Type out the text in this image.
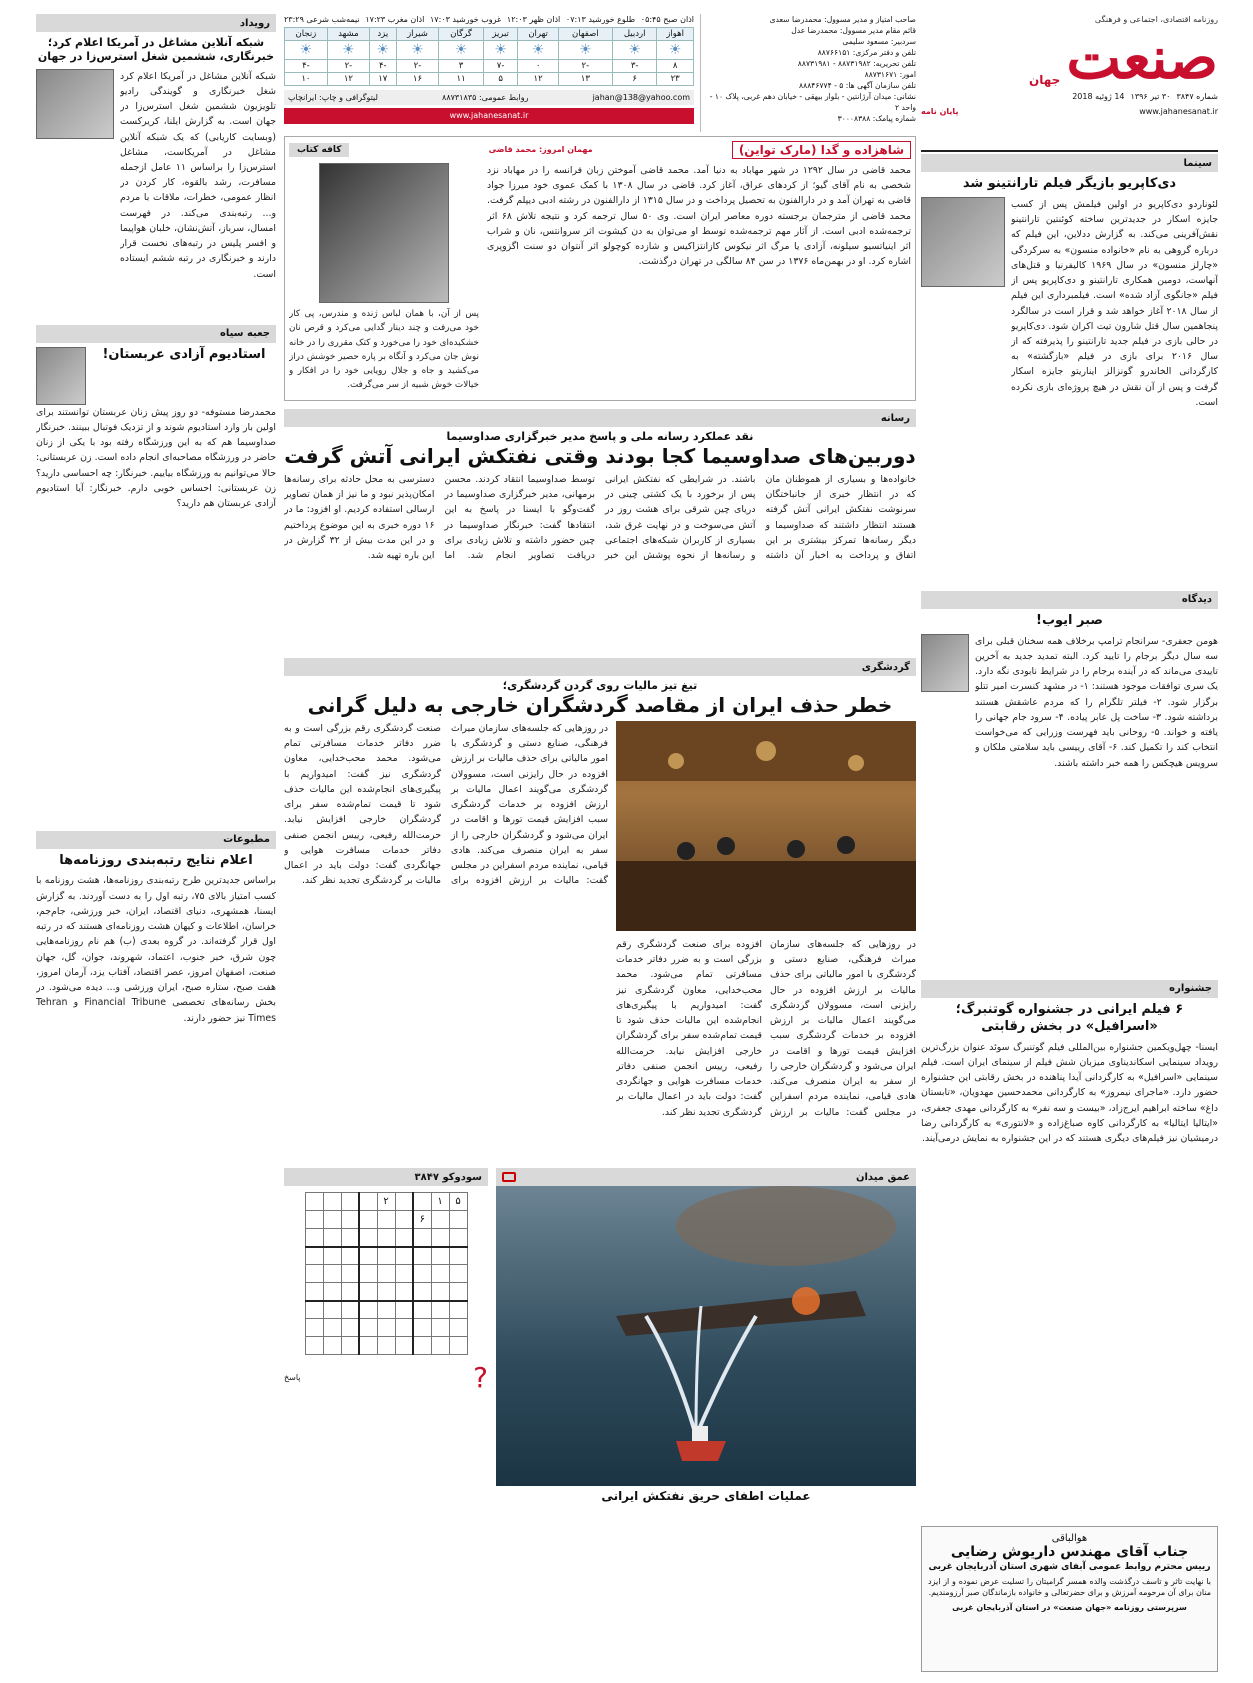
روزنامه اقتصادی، اجتماعی و فرهنگی
صنعت
جهان
شماره ۳۸۴۷
۳۰ تیر ۱۳۹۶
14 ژوئیه 2018
www.jahanesanat.ir
پایان نامه
سینما
دی‌کاپریو بازیگر فیلم تارانتینو شد
لئوناردو دی‌کاپریو در اولین فیلمش پس از کسب جایزه اسکار در جدیدترین ساخته کوئنتین تارانتینو نقش‌آفرینی می‌کند. به گزارش ددلاین، این فیلم که درباره گروهی به نام «خانواده منسون» به سرکردگی «چارلز منسون» در سال ۱۹۶۹ کالیفرنیا و قتل‌های آنهاست، دومین همکاری تارانتینو و دی‌کاپریو پس از فیلم «جانگوی آزاد شده» است. فیلمبرداری این فیلم از سال ۲۰۱۸ آغاز خواهد شد و قرار است در سالگرد پنجاهمین سال قتل شارون تیت اکران شود. دی‌کاپریو در حالی بازی در فیلم جدید تارانتینو را پذیرفته که از سال ۲۰۱۶ برای بازی در فیلم «بازگشته» به کارگردانی الخاندرو گونزالز ایناریتو جایزه اسکار گرفت و پس از آن نقش در هیچ پروژه‌ای بازی نکرده است.
دیدگاه
صبر ایوب!
هومن جعفری- سرانجام ترامپ برخلاف همه سخنان قبلی برای سه سال دیگر برجام را تایید کرد. البته تمدید جدید به آخرین تاییدی می‌ماند که در آینده برجام را در شرایط نابودی نگه دارد. یک سری توافقات موجود هستند: ۱- در مشهد کنسرت امیر تتلو برگزار شود. ۲- فیلتر تلگرام را که مردم عاشقش هستند برداشته شود. ۳- ساخت پل عابر پیاده. ۴- سرود جام جهانی را یافته و خواند. ۵- روحانی باید فهرست وزرایی که می‌خواست انتخاب کند را تکمیل کند. ۶- آقای رییسی باید سلامتی ملکان و سرویس هیچکس را همه خبر داشته باشند.
جشنواره
۶ فیلم ایرانی در جشنواره گوتنبرگ؛ «اسرافیل» در بخش رقابتی
ایسنا- چهل‌ویکمین جشنواره بین‌المللی فیلم گوتنبرگ سوئد عنوان بزرگ‌ترین رویداد سینمایی اسکاندیناوی میزبان شش فیلم از سینمای ایران است. فیلم سینمایی «اسرافیل» به کارگردانی آیدا پناهنده در بخش رقابتی این جشنواره حضور دارد. «ماجرای نیمروز» به کارگردانی محمدحسین مهدویان، «تابستان داغ» ساخته ابراهیم ایرج‌زاد، «بیست و سه نفر» به کارگردانی مهدی جعفری، «ایتالیا ایتالیا» به کارگردانی کاوه صباغ‌زاده و «لانتوری» به کارگردانی رضا درمیشیان نیز فیلم‌های دیگری هستند که در این جشنواره به نمایش درمی‌آیند.
صاحب امتیاز و مدیر مسوول: محمدرضا سعدی
قائم مقام مدیر مسوول: محمدرضا عدل
سردبیر: مسعود سلیمی
تلفن و دفتر مرکزی: ۸۸۷۶۶۱۵۱
تلفن تحریریه: ۸۸۷۳۱۹۸۲ - ۸۸۷۳۱۹۸۱
امور: ۸۸۷۳۱۶۷۱
تلفن سازمان آگهی ها: ۵ - ۸۸۸۴۶۷۷۴
نشانی: میدان آرژانتین - بلوار بیهقی - خیابان دهم غربی، پلاک ۱۰ - واحد ۲
شماره پیامک: ۳۰۰۰۸۳۸۸
اذان صبح ۰۵:۴۵
طلوع خورشید ۰۷:۱۳
اذان ظهر ۱۲:۰۳
غروب خورشید ۱۷:۰۳
اذان مغرب ۱۷:۲۳
نیمه‌شب شرعی ۲۳:۲۹
اهواز	اردبیل	اصفهان	تهران	تبریز	گرگان	شیراز	یزد	مشهد	زنجان
☀	☀	☀	☀	☀	☀	☀	☀	☀	☀
۸	-۳	-۲	۰	-۷	۳	-۲	-۴	-۲	-۴
۲۳	۶	۱۳	۱۲	۵	۱۱	۱۶	۱۷	۱۲	۱۰
jahan@138@yahoo.com
روابط عمومی: ۸۸۷۳۱۸۳۵
لیتوگرافی و چاپ: ایرانچاپ
www.jahanesanat.ir
شاهزاده و گدا (مارک تواین)
مهمان امروز: محمد قاضی
کافه کتاب
محمد قاضی در سال ۱۲۹۲ در شهر مهاباد به دنیا آمد. محمد قاضی آموختن زبان فرانسه را در مهاباد نزد شخصی به نام آقای گیو؛ از کردهای عراق، آغاز کرد. قاضی در سال ۱۳۰۸ با کمک عموی خود میرزا جواد قاضی به تهران آمد و در دارالفنون به تحصیل پرداخت و در سال ۱۳۱۵ از دارالفنون در رشته ادبی دیپلم گرفت. محمد قاضی از مترجمان برجسته دوره معاصر ایران است. وی ۵۰ سال ترجمه کرد و نتیجه تلاش ۶۸ اثر ترجمه‌شده ادبی است. از آثار مهم ترجمه‌شده توسط او می‌توان به دن کیشوت اثر سروانتس، نان و شراب اثر اینیاتسیو سیلونه، آزادی یا مرگ اثر نیکوس کازانتزاکیس و شازده کوچولو اثر آنتوان دو سنت اگزوپری اشاره کرد. او در بهمن‌ماه ۱۳۷۶ در سن ۸۴ سالگی در تهران درگذشت.
پس از آن، با همان لباس ژنده و مندرس، پی کار خود می‌رفت و چند دینار گدایی می‌کرد و قرص نان خشکیده‌ای خود را می‌خورد و کتک مقرری را در خانه نوش جان می‌کرد و آنگاه بر پاره حصیر خوشش دراز می‌کشید و جاه و جلال رویایی خود را در افکار و خیالات خوش شبیه از سر می‌گرفت.
رسانه
نقد عملکرد رسانه ملی و پاسخ مدیر خبرگزاری صداوسیما
دوربین‌های صداوسیما کجا بودند وقتی نفتکش ایرانی آتش گرفت
خانواده‌ها و بسیاری از هموطنان مان که در انتظار خبری از جانباختگان سرنوشت نفتکش ایرانی آتش گرفته هستند انتظار داشتند که صداوسیما و دیگر رسانه‌ها تمرکز بیشتری بر این اتفاق و پرداخت به اخبار آن داشته باشند. در شرایطی که نفتکش ایرانی پس از برخورد با یک کشتی چینی در دریای چین شرقی برای هشت روز در آتش می‌سوخت و در نهایت غرق شد، بسیاری از کاربران شبکه‌های اجتماعی و رسانه‌ها از نحوه پوشش این خبر توسط صداوسیما انتقاد کردند. محسن برمهانی، مدیر خبرگزاری صداوسیما در گفت‌وگو با ایسنا در پاسخ به این انتقادها گفت: خبرنگار صداوسیما در چین حضور داشته و تلاش زیادی برای دریافت تصاویر انجام شد. اما دسترسی به محل حادثه برای رسانه‌ها امکان‌پذیر نبود و ما نیز از همان تصاویر ارسالی استفاده کردیم. او افزود: ما در ۱۶ دوره خبری به این موضوع پرداختیم و در این مدت بیش از ۳۲ گزارش در این باره تهیه شد.
گردشگری
تیغ تیز مالیات روی گردن گردشگری؛
خطر حذف ایران از مقاصد گردشگران خارجی به دلیل گرانی
در روزهایی که جلسه‌های سازمان میراث فرهنگی، صنایع دستی و گردشگری با امور مالیاتی برای حذف مالیات بر ارزش افزوده در حال رایزنی است، مسوولان گردشگری می‌گویند اعمال مالیات بر ارزش افزوده بر خدمات گردشگری سبب افزایش قیمت تورها و اقامت در ایران می‌شود و گردشگران خارجی را از سفر به ایران منصرف می‌کند. هادی قیامی، نماینده مردم اسفراین در مجلس گفت: مالیات بر ارزش افزوده برای صنعت گردشگری رقم بزرگی است و به ضرر دفاتر خدمات مسافرتی تمام می‌شود. محمد محب‌خدایی، معاون گردشگری نیز گفت: امیدواریم با پیگیری‌های انجام‌شده این مالیات حذف شود تا قیمت تمام‌شده سفر برای گردشگران خارجی افزایش نیابد. حرمت‌الله رفیعی، رییس انجمن صنفی دفاتر خدمات مسافرت هوایی و جهانگردی گفت: دولت باید در اعمال مالیات بر گردشگری تجدید نظر کند.
در روزهایی که جلسه‌های سازمان میراث فرهنگی، صنایع دستی و گردشگری با امور مالیاتی برای حذف مالیات بر ارزش افزوده در حال رایزنی است، مسوولان گردشگری می‌گویند اعمال مالیات بر ارزش افزوده بر خدمات گردشگری سبب افزایش قیمت تورها و اقامت در ایران می‌شود و گردشگران خارجی را از سفر به ایران منصرف می‌کند. هادی قیامی، نماینده مردم اسفراین در مجلس گفت: مالیات بر ارزش افزوده برای صنعت گردشگری رقم بزرگی است و به ضرر دفاتر خدمات مسافرتی تمام می‌شود. محمد محب‌خدایی، معاون گردشگری نیز گفت: امیدواریم با پیگیری‌های انجام‌شده این مالیات حذف شود تا قیمت تمام‌شده سفر برای گردشگران خارجی افزایش نیابد. حرمت‌الله رفیعی، رییس انجمن صنفی دفاتر خدمات مسافرت هوایی و جهانگردی گفت: دولت باید در اعمال مالیات بر گردشگری تجدید نظر کند.
عمق میدان
عملیات اطفای حریق نفتکش ایرانی
سودوکو ۳۸۴۷
۵	۱			۲				
		۶						

?
پاسخ
رویداد
شبکه آنلاین مشاغل در آمریکا اعلام کرد؛ خبرنگاری، ششمین شغل استرس‌زا در جهان
شبکه آنلاین مشاغل در آمریکا اعلام کرد شغل خبرنگاری و گویندگی رادیو تلویزیون ششمین شغل استرس‌زا در جهان است. به گزارش ایلنا، کریرکست (وبسایت کاریابی) که یک شبکه آنلاین مشاغل در آمریکاست، مشاغل استرس‌زا را براساس ۱۱ عامل ازجمله مسافرت، رشد بالقوه، کار کردن در انظار عمومی، خطرات، ملاقات با مردم و... رتبه‌بندی می‌کند. در فهرست امسال، سرباز، آتش‌نشان، خلبان هواپیما و افسر پلیس در رتبه‌های نخست قرار دارند و خبرنگاری در رتبه ششم ایستاده است.
جعبه سیاه
استادیوم آزادی عربستان!
محمدرضا مستوفه- دو روز پیش زنان عربستان توانستند برای اولین بار وارد استادیوم شوند و از تزدیک فوتبال ببینند. خبرنگار صداوسیما هم که به این ورزشگاه رفته بود با یکی از زنان حاضر در ورزشگاه مصاحبه‌ای انجام داده است. زن عربستانی: حالا می‌توانیم به ورزشگاه بیاییم. خبرنگار: چه احساسی دارید؟ زن عربستانی: احساس خوبی دارم. خبرنگار: آیا استادیوم آزادی عربستان هم دارید؟
مطبوعات
اعلام نتایج رتبه‌بندی روزنامه‌ها
براساس جدیدترین طرح رتبه‌بندی روزنامه‌ها، هشت روزنامه با کسب امتیاز بالای ۷۵، رتبه اول را به دست آوردند. به گزارش ایسنا، همشهری، دنیای اقتصاد، ایران، خبر ورزشی، جام‌جم، خراسان، اطلاعات و کیهان هشت روزنامه‌ای هستند که در رتبه اول قرار گرفته‌اند. در گروه بعدی (ب) هم نام روزنامه‌هایی چون شرق، خبر جنوب، اعتماد، شهروند، جوان، گل، جهان صنعت، اصفهان امروز، عصر اقتصاد، آفتاب یزد، آرمان امروز، هفت صبح، ستاره صبح، ایران ورزشی و... دیده می‌شود. در بخش رسانه‌های تخصصی Financial Tribune و Tehran Times نیز حضور دارند.
هوالباقی
جناب آقای مهندس داریوش رضایی
رییس محترم روابط عمومی آبفای شهری استان آذربایجان غربی
با نهایت تاثر و تاسف درگذشت والده همسر گرامیتان را تسلیت عرض نموده و از ایزد منان برای آن مرحومه آمرزش و برای حضرتعالی و خانواده بازماندگان صبر آرزومندیم.
سرپرستی روزنامه «جهان صنعت» در استان آذربایجان غربی
